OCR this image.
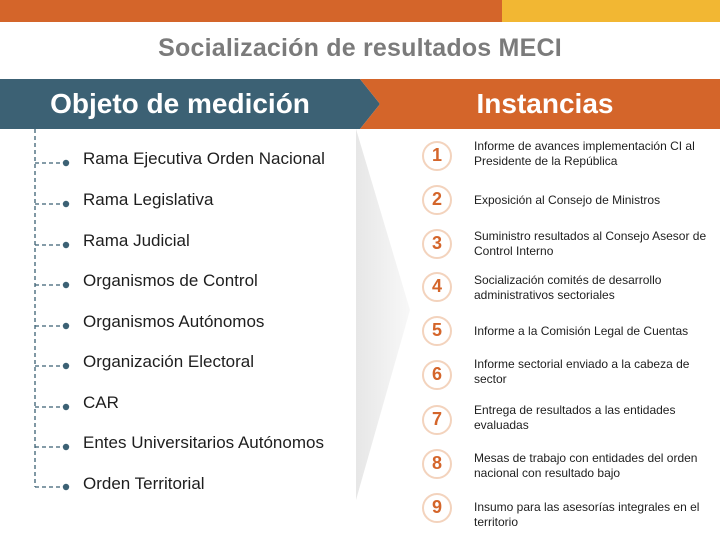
Socialización de resultados MECI
Objeto de medición	Instancias
Rama Ejecutiva Orden Nacional
Rama Legislativa
Rama Judicial
Organismos de Control
Organismos Autónomos
Organización Electoral
CAR
Entes Universitarios Autónomos
Orden Territorial
1	Informe de avances implementación CI al Presidente de la República
2	Exposición al Consejo de Ministros
3	Suministro resultados al Consejo Asesor de Control Interno
4	Socialización comités de desarrollo administrativos sectoriales
5	Informe a la Comisión Legal de Cuentas
6	Informe sectorial enviado a la cabeza de sector
7	Entrega de resultados a las entidades evaluadas
8	Mesas de trabajo con entidades del orden nacional con resultado bajo
9	Insumo para las asesorías integrales en el territorio
